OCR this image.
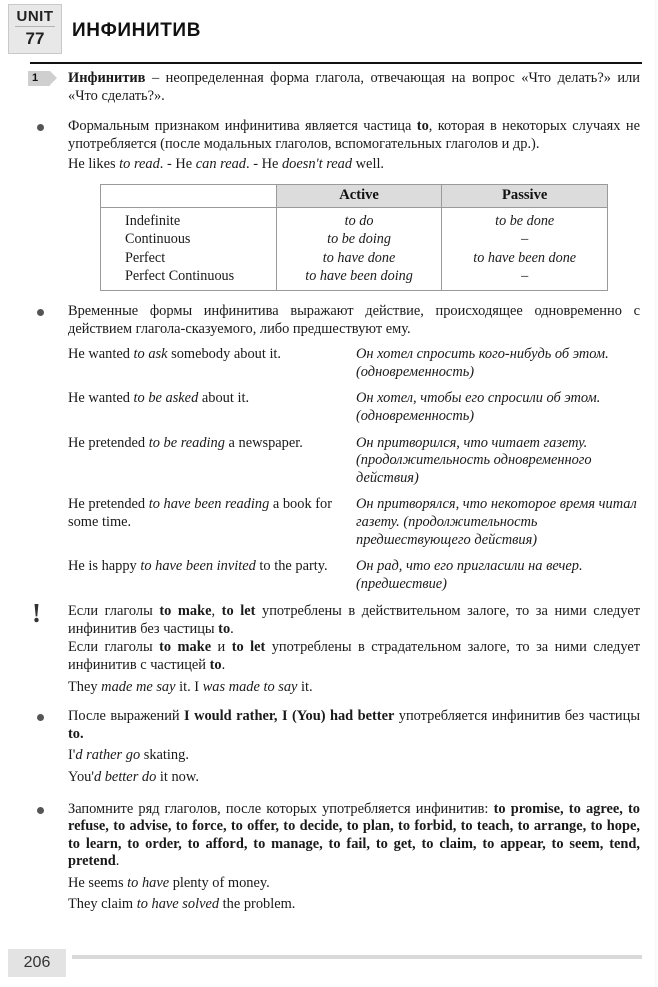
UNIT
77	ИНФИНИТИВ
1	Инфинитив – неопределенная форма глагола, отвечающая на вопрос «Что делать?» или «Что сделать?».

Формальным признаком инфинитива является частица to, которая в некоторых случаях не употребляется (после модальных глаголов, вспомогательных глаголов и др.).

He likes to read. - He can read. - He doesn't read well.

	Active	Passive
Indefinite	to do	to be done
Continuous	to be doing	–
Perfect	to have done	to have been done
Perfect Continuous	to have been doing	–

Временные формы инфинитива выражают действие, происходящее одновременно с действием глагола-сказуемого, либо предшествуют ему.

He wanted to ask somebody about it.	Он хотел спросить кого-нибудь об этом.
(одновременность)
He wanted to be asked about it.	Он хотел, чтобы его спросили об этом.
(одновременность)
He pretended to be reading a newspaper.	Он притворился, что читает газету.
(продолжительность одновременного действия)
He pretended to have been reading a book for some time.
Он притворялся, что некоторое время читал газету. (продолжительность предшествующего действия)
He is happy to have been invited to the party.	Он рад, что его пригласили на вечер.
(предшествие)
! Если глаголы to make, to let употреблены в действительном залоге, то за ними следует инфинитив без частицы to.

Если глаголы to make и to let употреблены в страдательном залоге, то за ними следует инфинитив с частицей to.

They made me say it. I was made to say it.

После выражений I would rather, I (You) had better употребляется инфинитив без частицы to.

I'd rather go skating.

You'd better do it now.

Запомните ряд глаголов, после которых употребляется инфинитив: to promise, to agree, to refuse, to advise, to force, to offer, to decide, to plan, to forbid, to teach, to arrange, to hope, to learn, to order, to afford, to manage, to fail, to get, to claim, to appear, to seem, tend, pretend.

He seems to have plenty of money.

They claim to have solved the problem.

206
